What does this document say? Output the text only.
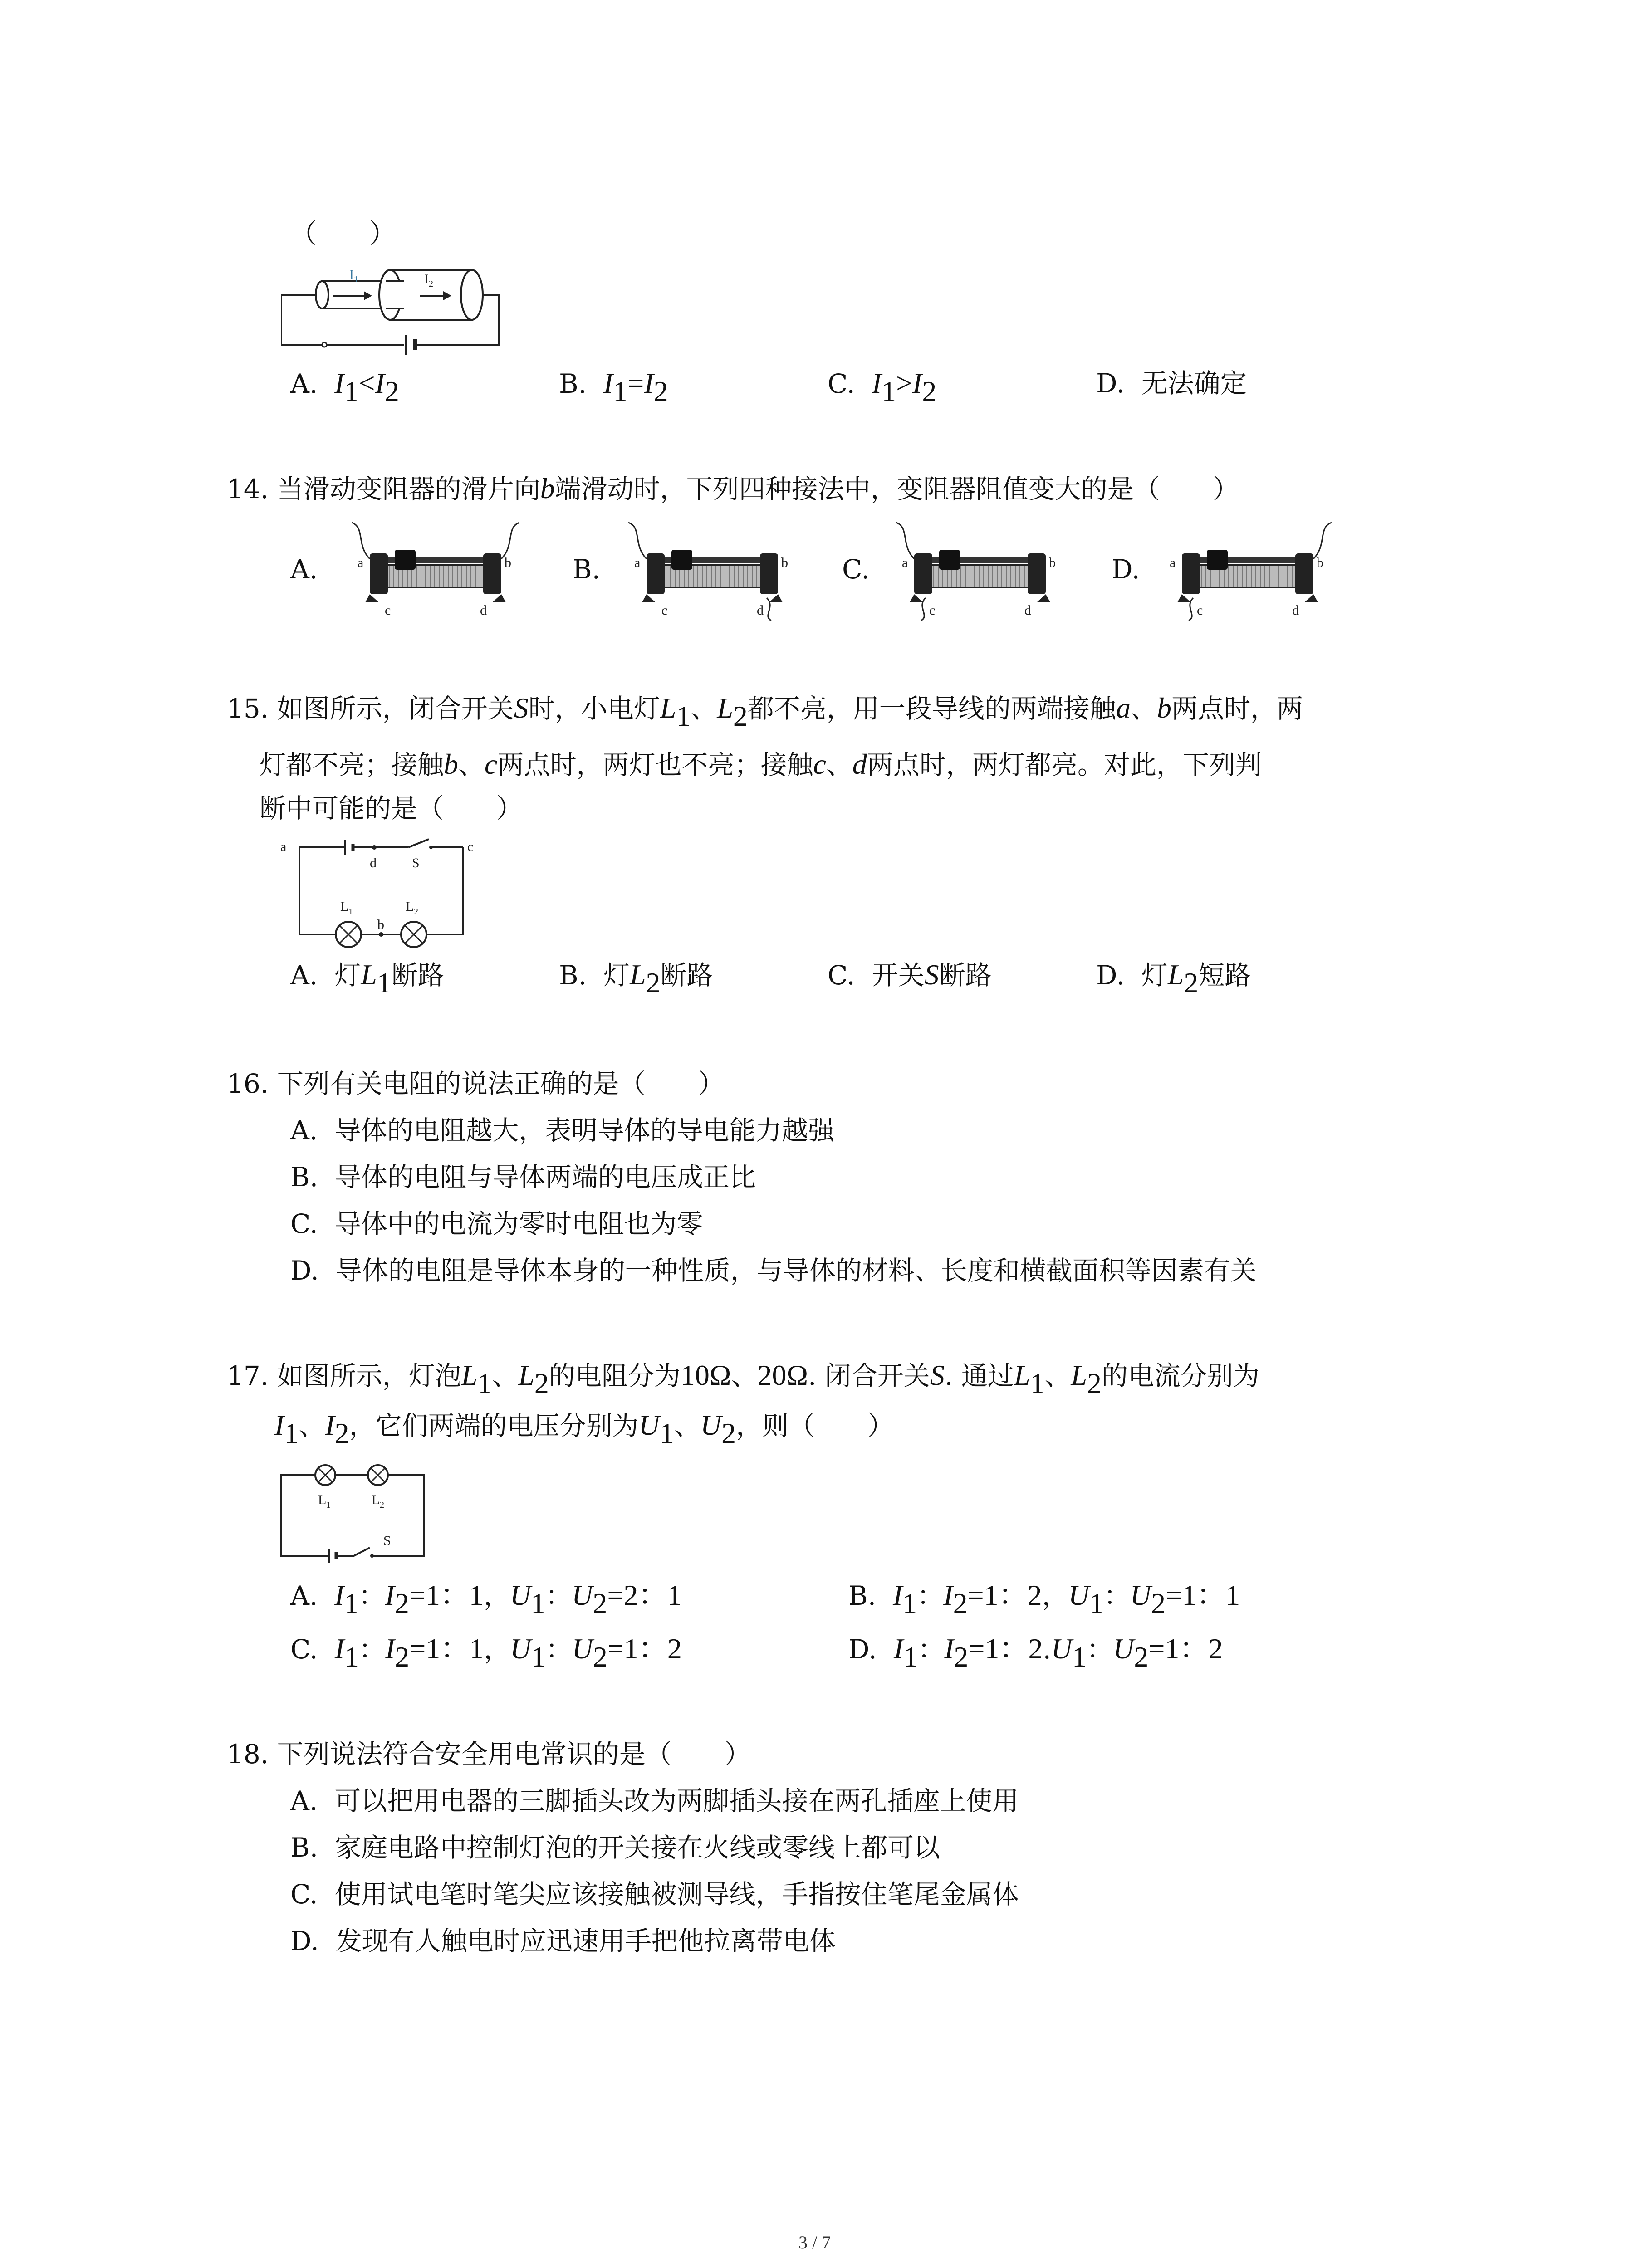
（　　）
I 1	I 2
A. $I_1<I_2$	B. $I_1=I_2$	C. $I_1>I_2$	D. 无法确定
14. 当滑动变阻器的滑片向b端滑动时，下列四种接法中，变阻器阻值变大的是（　　）
A.	a	b
c	d
B. a	b
c	d
C. a	b
c	d
D. a	b
c	d
15. 如图所示，闭合开关S时，小电灯$L_1$、$L_2$都不亮，用一段导线的两端接触a、b两点时，两
灯都不亮；接触b、c两点时，两灯也不亮；接触c、d两点时，两灯都亮。对此，下列判
断中可能的是（　　）
a
d	S
c
L 1
b
L 2
A. 灯$L_1$断路	B. 灯$L_2$断路	C. 开关S断路	D. 灯$L_2$短路
16. 下列有关电阻的说法正确的是（　　）
A. 导体的电阻越大，表明导体的导电能力越强
B. 导体的电阻与导体两端的电压成正比
C. 导体中的电流为零时电阻也为零
D. 导体的电阻是导体本身的一种性质，与导体的材料、长度和横截面积等因素有关
17. 如图所示，灯泡$L_1$、$L_2$的电阻分为10Ω、20Ω. 闭合开关S. 通过$L_1$、$L_2$的电流分别为
$I_1$、$I_2$，它们两端的电压分别为$U_1$、$U_2$，则（　　）
L 1	L 2
S
A. $I_1$：$I_2=1$：1，$U_1$：$U_2=2$：1	B. $I_1$：$I_2=1$：2，$U_1$：$U_2=1$：1
C. $I_1$：$I_2=1$：1，$U_1$：$U_2=1$：2	D. $I_1$：$I_2=1$：$2.U_1$：$U_2=1$：2
18. 下列说法符合安全用电常识的是（　　）
A. 可以把用电器的三脚插头改为两脚插头接在两孔插座上使用
B. 家庭电路中控制灯泡的开关接在火线或零线上都可以
C. 使用试电笔时笔尖应该接触被测导线，手指按住笔尾金属体
D. 发现有人触电时应迅速用手把他拉离带电体
3 / 7
